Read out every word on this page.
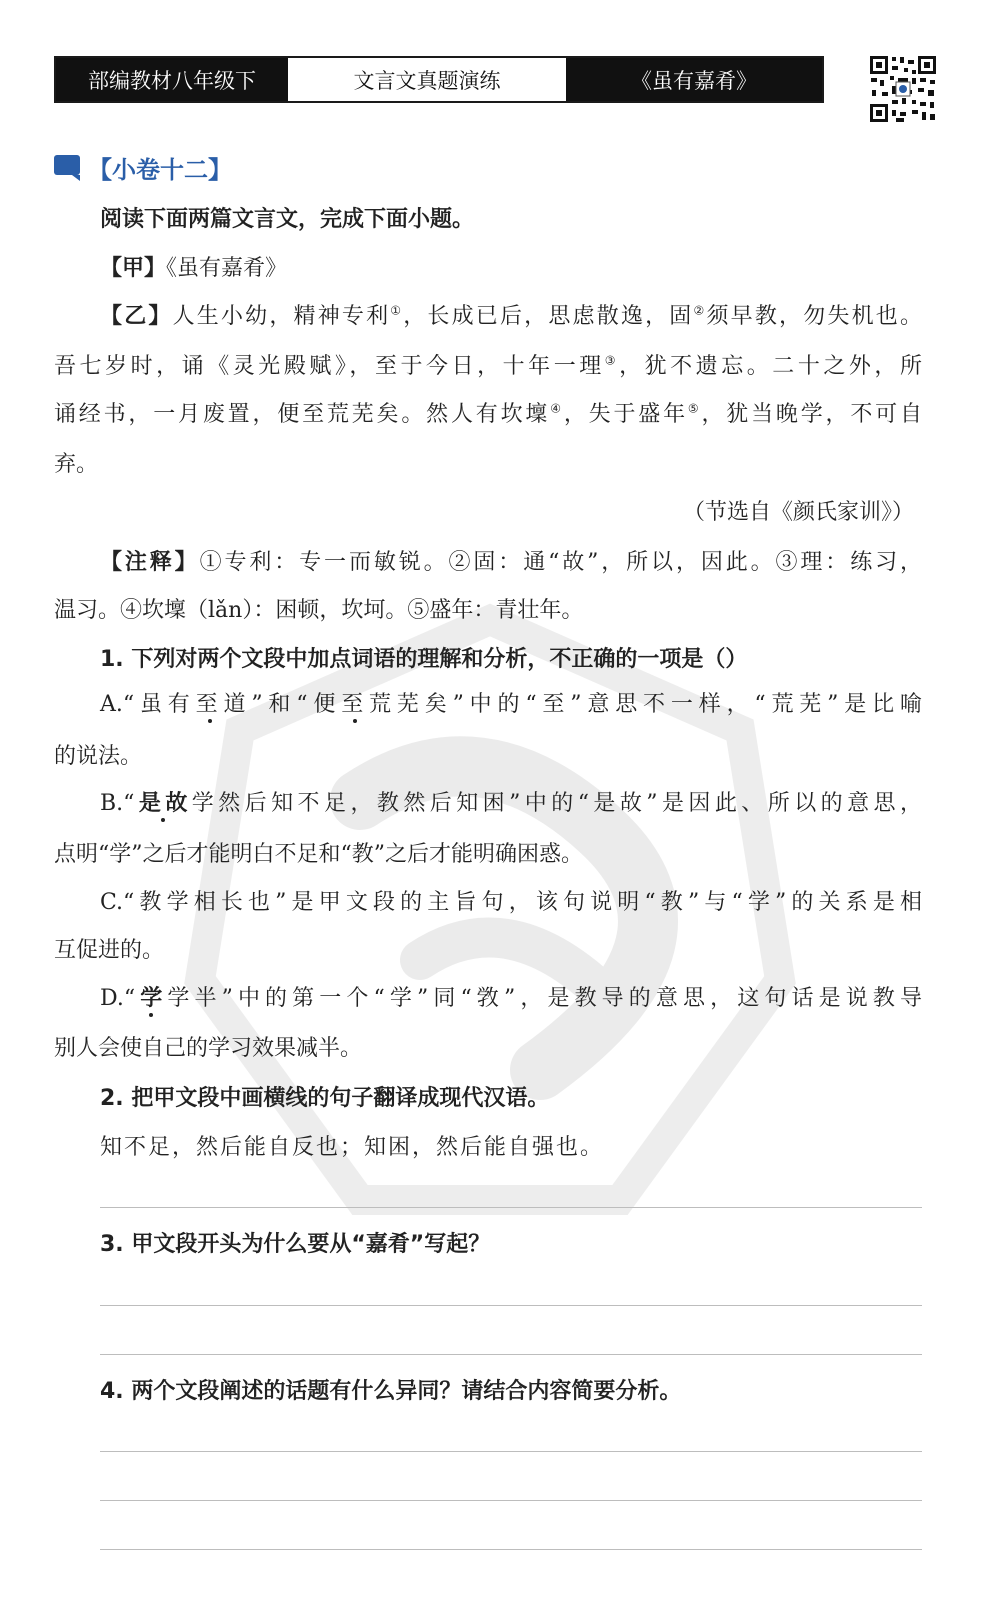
部编教材八年级下	文言文真题演练	《虽有嘉肴》
【小卷十二】
阅读下面两篇文言文，完成下面小题。
【甲】《虽有嘉肴》
【乙】人生小幼，精神专利①，长成已后，思虑散逸，固②须早教，勿失机也。
吾七岁时，诵《灵光殿赋》，至于今日，十年一理③，犹不遗忘。二十之外，所
诵经书，一月废置，便至荒芜矣。然人有坎壈④，失于盛年⑤，犹当晚学，不可自
弃。
（节选自《颜氏家训》）
【注释】①专利：专一而敏锐。②固：通“故”，所以，因此。③理：练习，
温习。④坎壈（lǎn）：困顿，坎坷。⑤盛年：青壮年。
1. 下列对两个文段中加点词语的理解和分析，不正确的一项是（）
A.“虽有至道”和“便至荒芜矣”中的“至”意思不一样，“荒芜”是比喻
的说法。
B.“是故学然后知不足，教然后知困”中的“是故”是因此、所以的意思，
点明“学”之后才能明白不足和“教”之后才能明确困惑。
C.“教学相长也”是甲文段的主旨句，该句说明“教”与“学”的关系是相
互促进的。
D.“学学半”中的第一个“学”同“敩”，是教导的意思，这句话是说教导
别人会使自己的学习效果减半。
2. 把甲文段中画横线的句子翻译成现代汉语。
知不足，然后能自反也；知困，然后能自强也。
3. 甲文段开头为什么要从“嘉肴”写起？
4. 两个文段阐述的话题有什么异同？请结合内容简要分析。
